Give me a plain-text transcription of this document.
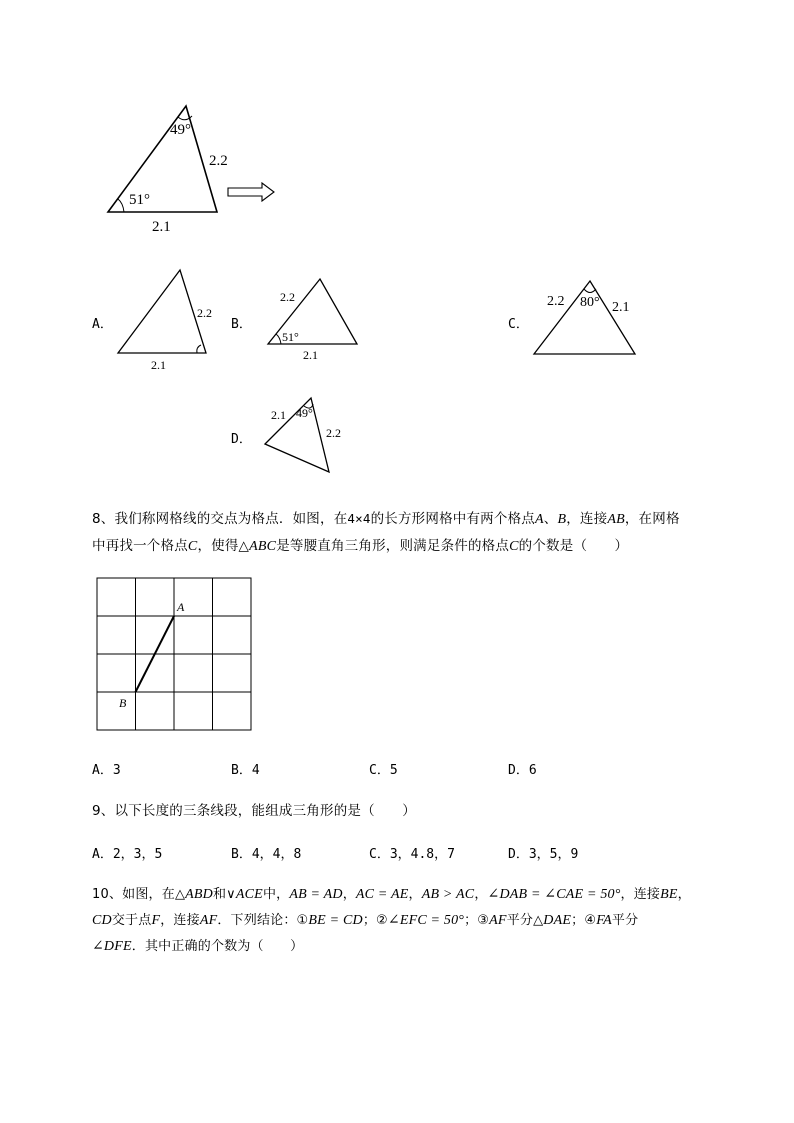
49°
2.2
51°
2.1
A．
2.2
2.1
2.2
51°
2.1
2.2 80° 2.1
2.1 49°
2.2
B．	C．
D．
8、我们称网格线的交点为格点．如图，在4×4的长方形网格中有两个格点A、B，连接AB，在网格
中再找一个格点C，使得△ABC是等腰直角三角形，则满足条件的格点C的个数是（　　）
A
B
A．3	B．4	C．5	D．6
9、以下长度的三条线段，能组成三角形的是（　　）
A．2，3，5	B．4，4，8	C．3，4.8，7	D．3，5，9
10、如图，在△ABD和∨ACE中，AB = AD，AC = AE，AB > AC，∠DAB = ∠CAE = 50°，连接BE，
CD交于点F，连接AF．下列结论：①BE = CD；②∠EFC = 50°；③AF平分△DAE；④FA平分
∠DFE．其中正确的个数为（　　）
